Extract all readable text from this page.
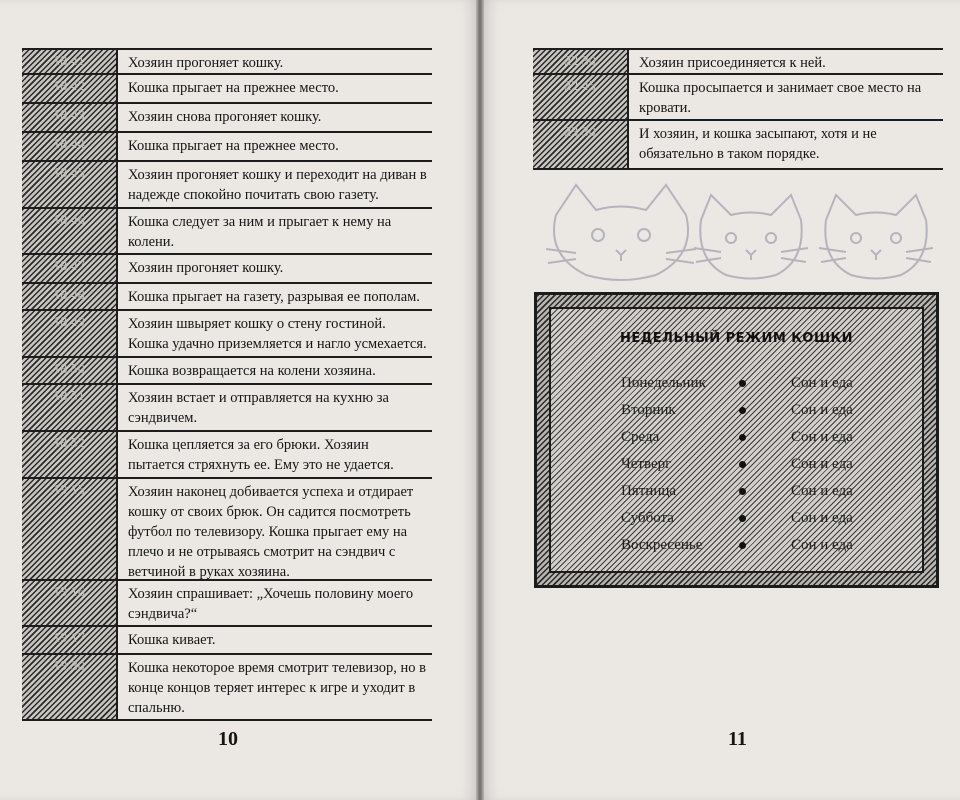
18.41	Хозяин прогоняет кошку.
18.42	Кошка прыгает на прежнее место.
18.43	Хозяин снова прогоняет кошку.
18.44	Кошка прыгает на прежнее место.
18.45	Хозяин прогоняет кошку и переходит на диван в надежде спокойно почитать свою газету.
18.46	Кошка следует за ним и прыгает к нему на колени.
18.47	Хозяин прогоняет кошку.
18.48	Кошка прыгает на газету, разрывая ее пополам.
18.49	Хозяин швыряет кошку о стену гостиной. Кошка удачно приземляется и нагло усмехается.
18.50	Кошка возвращается на колени хозяина.
18.51	Хозяин встает и отправляется на кухню за сэндвичем.
18.52	Кошка цепляется за его брюки. Хозяин пытается стряхнуть ее. Ему это не удается.
19.15	Хозяин наконец добивается успеха и отдирает кошку от своих брюк. Он садится посмотреть футбол по телевизору. Кошка прыгает ему на плечо и не отрываясь смотрит на сэндвич с ветчиной в руках хозяина.
19.16	Хозяин спрашивает: „Хочешь половину моего сэндвича?“
19.17	Кошка кивает.
19.30	Кошка некоторое время смотрит телевизор, но в конце концов теряет интерес к игре и уходит в спальню.
10
22.30	Хозяин присоединяется к ней.
22.45	Кошка просыпается и занимает свое место на кровати.
23.30	И хозяин, и кошка засыпают, хотя и не обязательно в таком порядке.
НЕДЕЛЬНЫЙ РЕЖИМ КОШКИ
Понедельник	Сон и еда
Вторник	Сон и еда
Среда	Сон и еда
Четверг	Сон и еда
Пятница	Сон и еда
Суббота	Сон и еда
Воскресенье	Сон и еда
11
